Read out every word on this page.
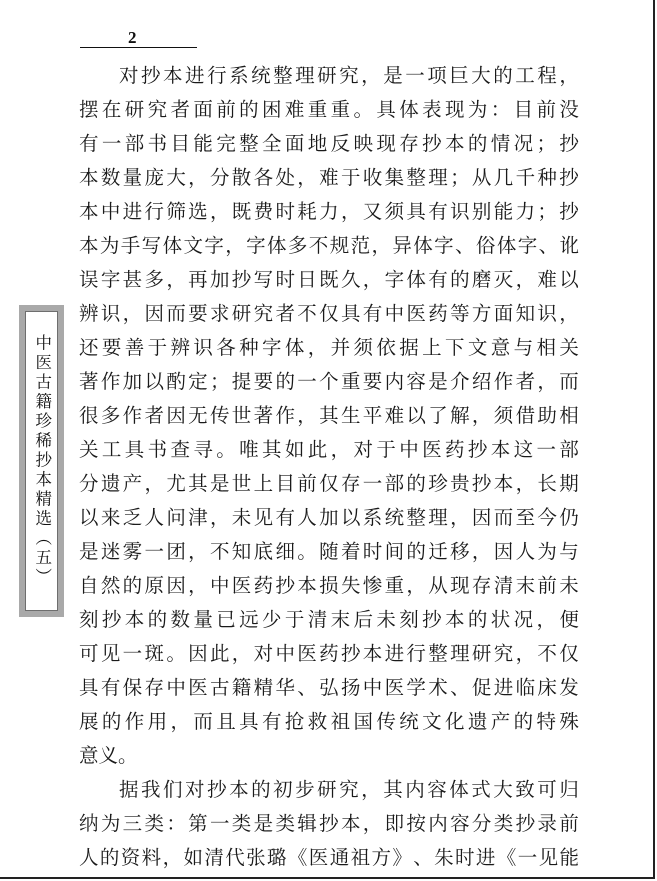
2
中医古籍珍稀抄本精选（五）
对 抄 本 进 行 系 统 整 理 研 究 ， 是 一 项 巨 大 的 工 程 ，
摆 在 研 究 者 面 前 的 困 难 重 重 。 具 体 表 现 为 ： 目 前 没
有 一 部 书 目 能 完 整 全 面 地 反 映 现 存 抄 本 的 情 况 ； 抄
本 数 量 庞 大 ， 分 散 各 处 ， 难 于 收 集 整 理 ； 从 几 千 种 抄
本 中 进 行 筛 选 ， 既 费 时 耗 力 ， 又 须 具 有 识 别 能 力 ； 抄
本 为 手 写 体 文 字 ， 字 体 多 不 规 范 ， 异 体 字 、 俗 体 字 、 讹
误 字 甚 多 ， 再 加 抄 写 时 日 既 久 ， 字 体 有 的 磨 灭 ， 难 以
辨 识 ， 因 而 要 求 研 究 者 不 仅 具 有 中 医 药 等 方 面 知 识 ，
还 要 善 于 辨 识 各 种 字 体 ， 并 须 依 据 上 下 文 意 与 相 关
著 作 加 以 酌 定 ； 提 要 的 一 个 重 要 内 容 是 介 绍 作 者 ， 而
很 多 作 者 因 无 传 世 著 作 ， 其 生 平 难 以 了 解 ， 须 借 助 相
关 工 具 书 查 寻 。 唯 其 如 此 ， 对 于 中 医 药 抄 本 这 一 部
分 遗 产 ， 尤 其 是 世 上 目 前 仅 存 一 部 的 珍 贵 抄 本 ， 长 期
以 来 乏 人 问 津 ， 未 见 有 人 加 以 系 统 整 理 ， 因 而 至 今 仍
是 迷 雾 一 团 ， 不 知 底 细 。 随 着 时 间 的 迁 移 ， 因 人 为 与
自 然 的 原 因 ， 中 医 药 抄 本 损 失 惨 重 ， 从 现 存 清 末 前 未
刻 抄 本 的 数 量 已 远 少 于 清 末 后 未 刻 抄 本 的 状 况 ， 便
可 见 一 斑 。 因 此 ， 对 中 医 药 抄 本 进 行 整 理 研 究 ， 不 仅
具 有 保 存 中 医 古 籍 精 华 、 弘 扬 中 医 学 术 、 促 进 临 床 发
展 的 作 用 ， 而 且 具 有 抢 救 祖 国 传 统 文 化 遗 产 的 特 殊
意义。
据 我 们 对 抄 本 的 初 步 研 究 ， 其 内 容 体 式 大 致 可 归
纳 为 三 类 ： 第 一 类 是 类 辑 抄 本 ， 即 按 内 容 分 类 抄 录 前
人 的 资 料 ， 如 清 代 张 璐 《 医 通 祖 方 》 、 朱 时 进 《 一 见 能
